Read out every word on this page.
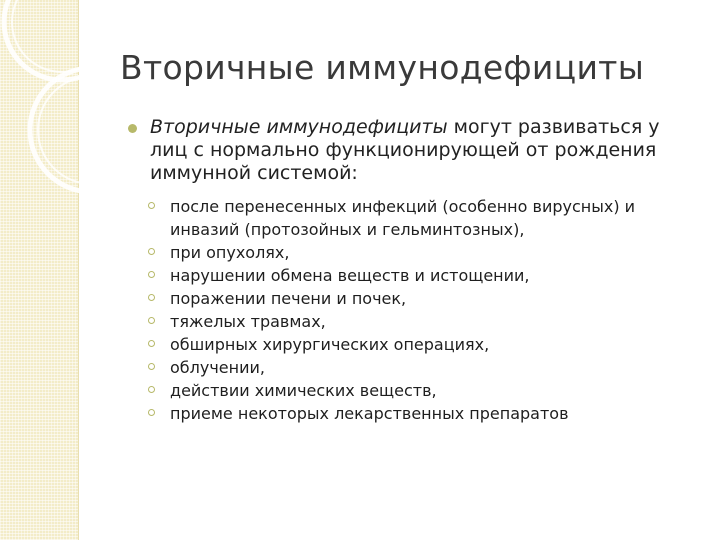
Вторичные иммунодефициты
Вторичные иммунодефициты могут развиваться у лиц с нормально функционирующей от рождения иммунной системой:
после перенесенных инфекций (особенно вирусных) и инвазий (протозойных и гельминтозных),
при опухолях,
нарушении обмена веществ и истощении,
поражении печени и почек,
тяжелых травмах,
обширных хирургических операциях,
облучении,
действии химических веществ,
приеме некоторых лекарственных препаратов
